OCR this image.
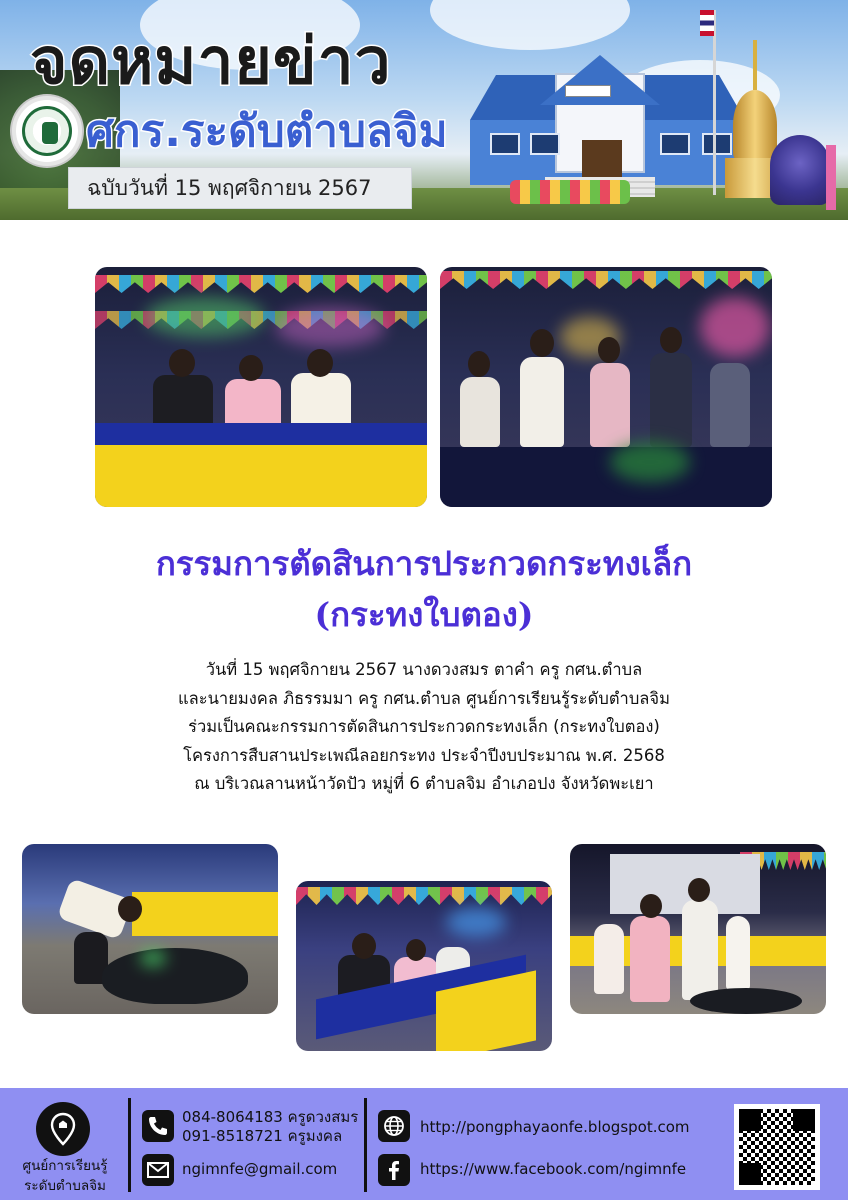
จดหมายข่าว
ศกร.ระดับตำบลจิม
ฉบับวันที่ 15 พฤศจิกายน 2567
กรรมการตัดสินการประกวดกระทงเล็ก
(กระทงใบตอง)

วันที่ 15 พฤศจิกายน 2567 นางดวงสมร ตาคำ ครู กศน.ตำบล

และนายมงคล ภิธรรมมา ครู กศน.ตำบล ศูนย์การเรียนรู้ระดับตำบลจิม

ร่วมเป็นคณะกรรมการตัดสินการประกวดกระทงเล็ก (กระทงใบตอง)

โครงการสืบสานประเพณีลอยกระทง ประจำปีงบประมาณ พ.ศ. 2568

ณ บริเวณลานหน้าวัดปัว หมู่ที่ 6 ตำบลจิม อำเภอปง จังหวัดพะเยา

ศูนย์การเรียนรู้
ระดับตำบลจิม
084-8064183 ครูดวงสมร
091-8518721 ครูมงคล
ngimnfe@gmail.com
http://pongphayaonfe.blogspot.com
https://www.facebook.com/ngimnfe
